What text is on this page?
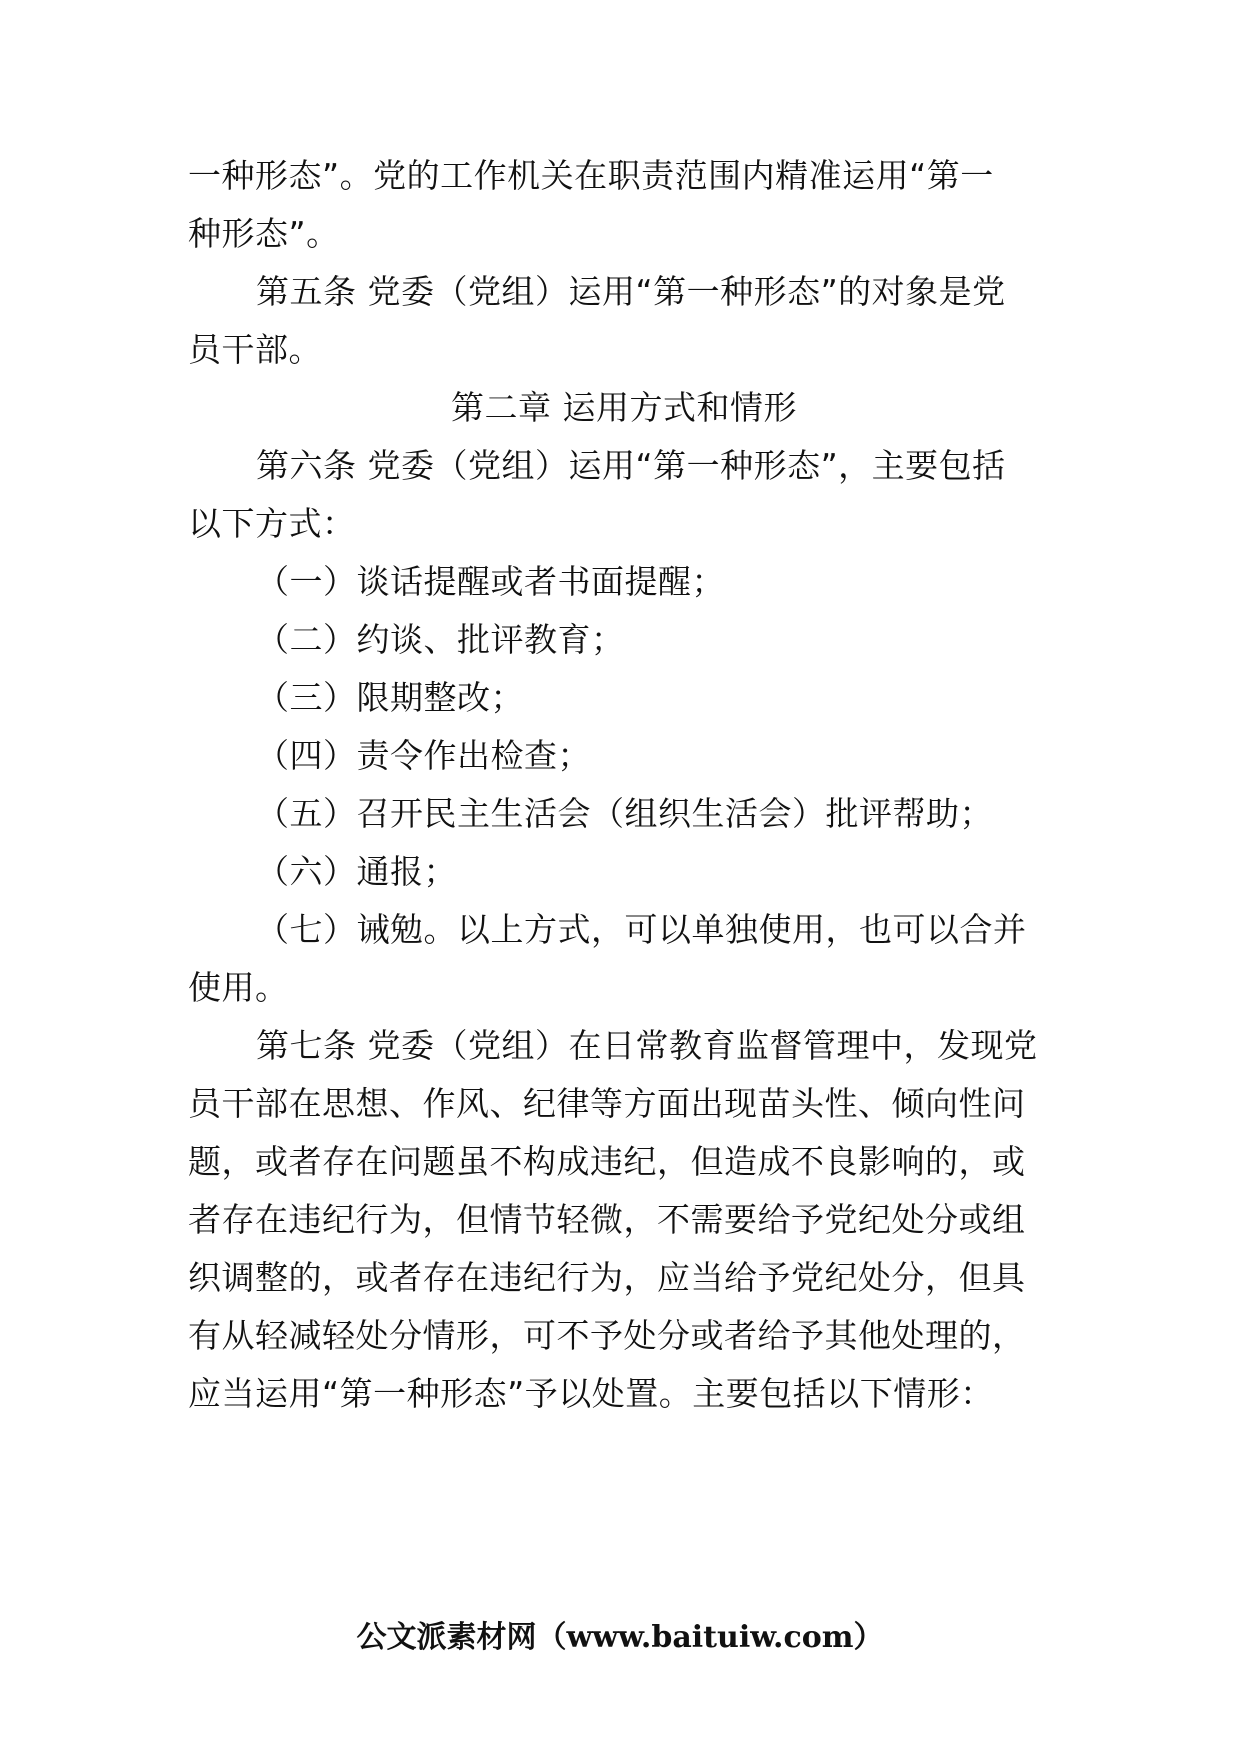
一种形态”。党的工作机关在职责范围内精准运用“第一
种形态”。
第五条 党委（党组）运用“第一种形态”的对象是党
员干部。
第二章 运用方式和情形
第六条 党委（党组）运用“第一种形态”，主要包括
以下方式：
（一）谈话提醒或者书面提醒；
（二）约谈、批评教育；
（三）限期整改；
（四）责令作出检查；
（五）召开民主生活会（组织生活会）批评帮助；
（六）通报；
（七）诫勉。以上方式，可以单独使用，也可以合并
使用。
第七条 党委（党组）在日常教育监督管理中，发现党
员干部在思想、作风、纪律等方面出现苗头性、倾向性问
题，或者存在问题虽不构成违纪，但造成不良影响的，或
者存在违纪行为，但情节轻微，不需要给予党纪处分或组
织调整的，或者存在违纪行为，应当给予党纪处分，但具
有从轻减轻处分情形，可不予处分或者给予其他处理的，
应当运用“第一种形态”予以处置。主要包括以下情形：
公文派素材网（www.baituiw.com）
